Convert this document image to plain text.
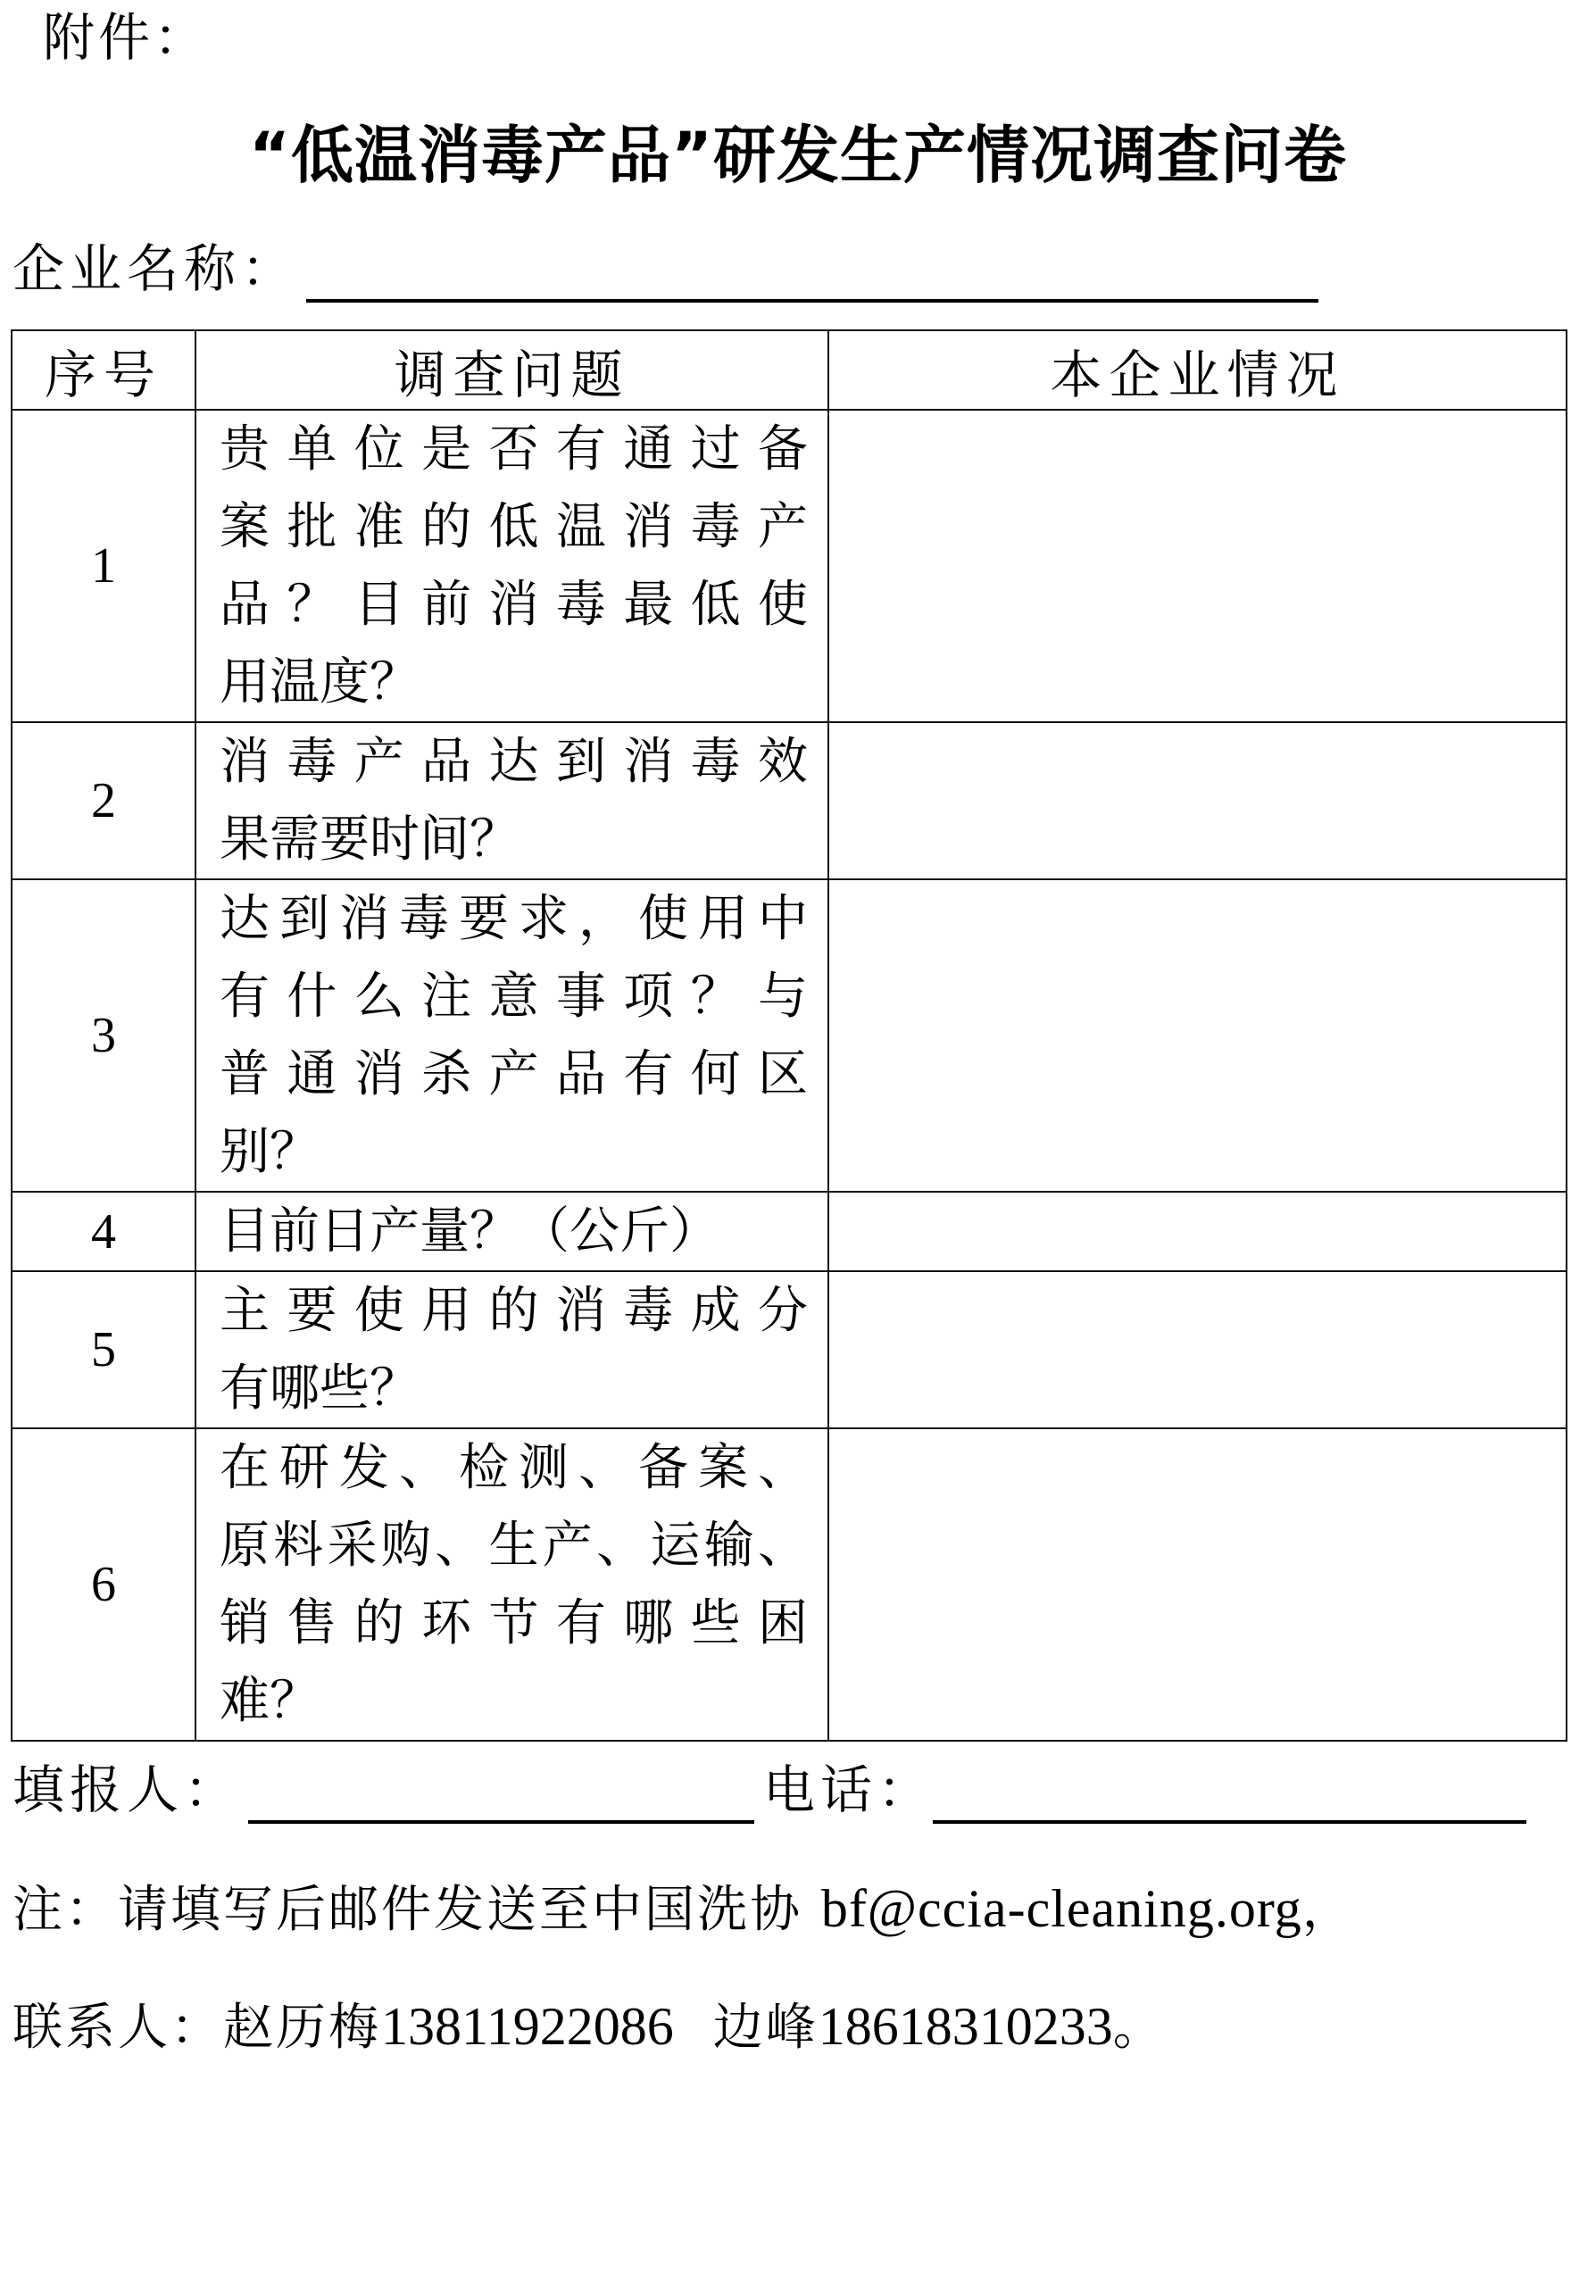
附件：
“低温消毒产品”研发生产情况调查问卷
企业名称：
序号	调查问题	本企业情况
1	贵单位是否有通过备
案批准的低温消毒产
品？目前消毒最低使
用温度？	

2	消毒产品达到消毒效
果需要时间？	

3	达到消毒要求，使用中
有什么注意事项？与
普通消杀产品有何区
别？	

4	目前日产量？（公斤）	

5	主要使用的消毒成分
有哪些？	

6	在研发、检测、备案、
原料采购、生产、运输、
销售的环节有哪些困
难？	

填报人：	电话：
注：请填写后邮件发送至中国洗协 bf@ccia-cleaning.org，
联系人：赵历梅13811922086 边峰18618310233。
